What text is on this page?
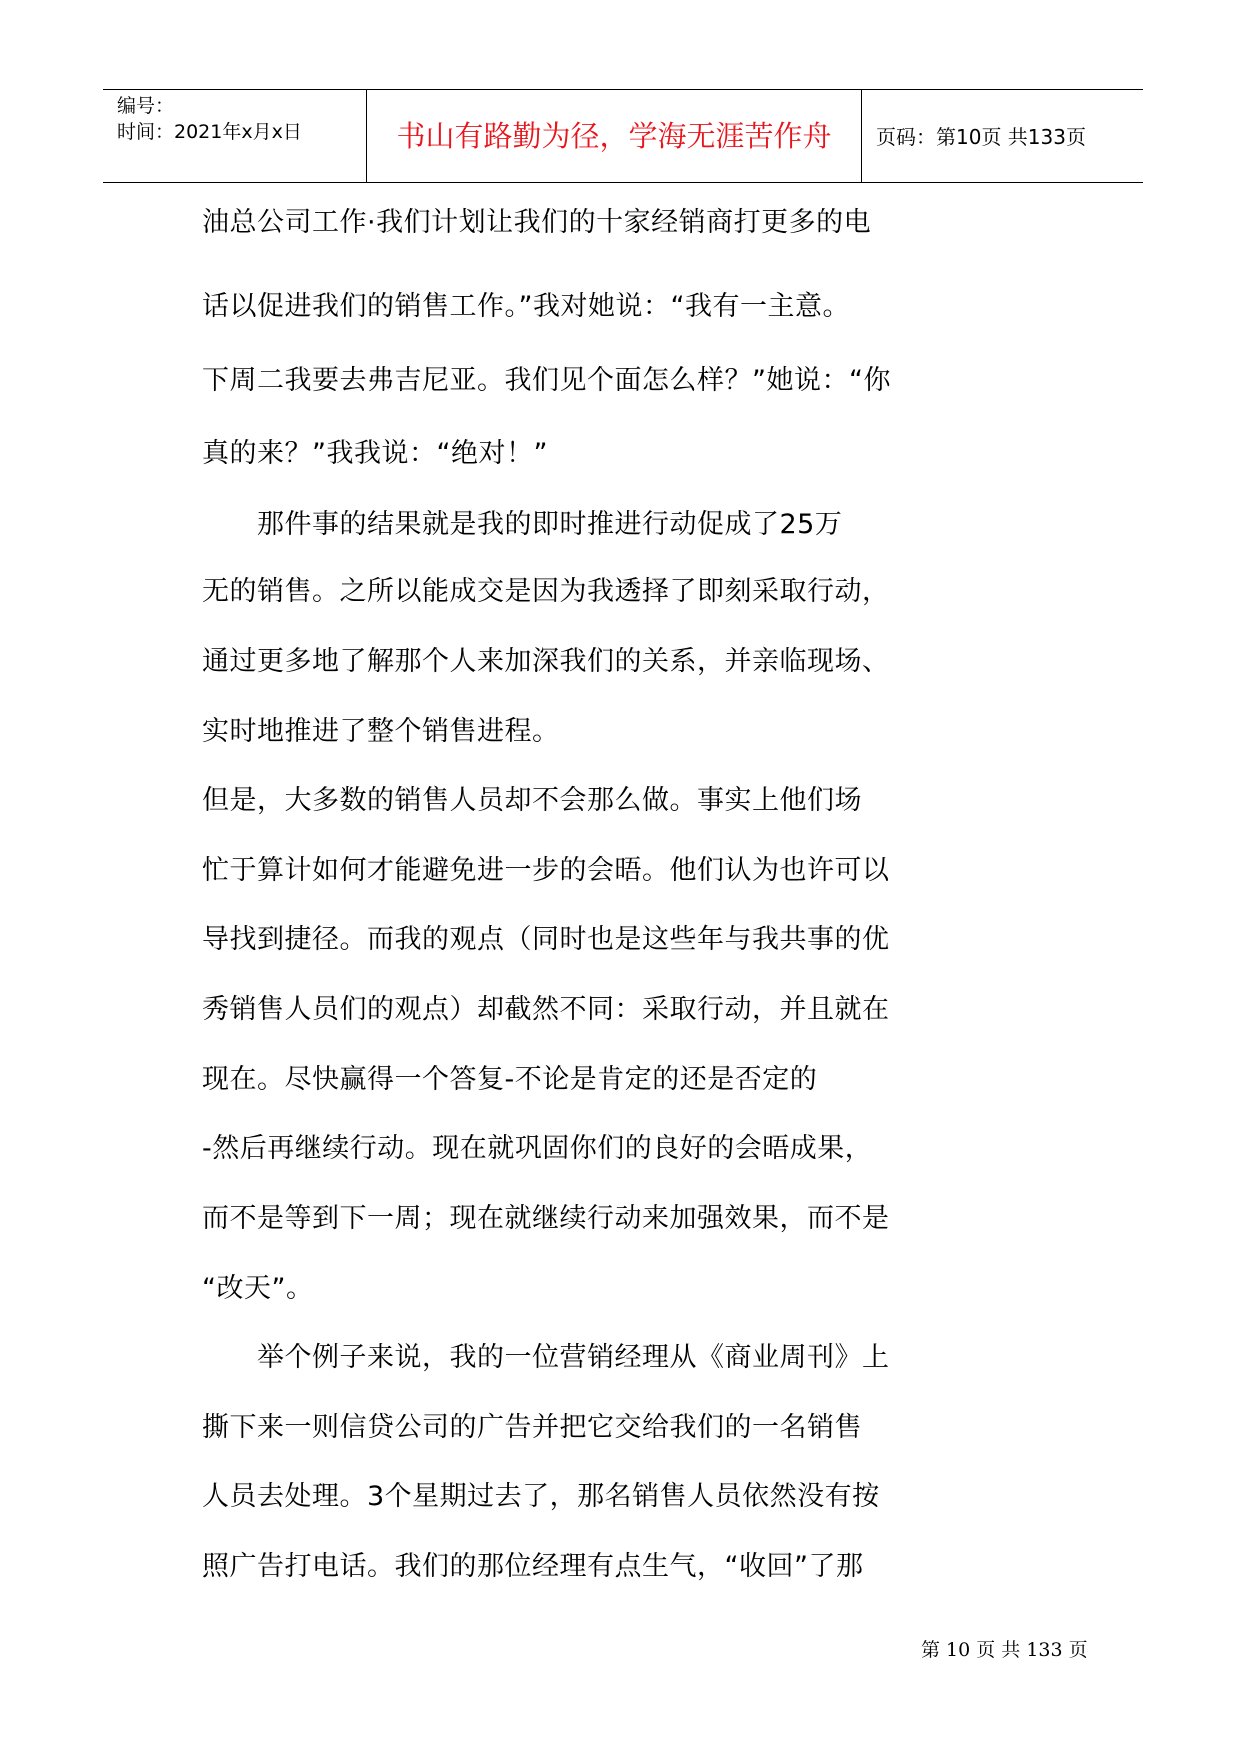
编号：
时间：2021年x月x日	书山有路勤为径，学海无涯苦作舟	页码：第10页 共133页
油总公司工作·我们计划让我们的十家经销商打更多的电
话以促进我们的销售工作。”我对她说：“我有一主意。
下周二我要去弗吉尼亚。我们见个面怎么样？”她说：“你
真的来？”我我说：“绝对！”
　　那件事的结果就是我的即时推进行动促成了25万
无的销售。之所以能成交是因为我透择了即刻采取行动，
通过更多地了解那个人来加深我们的关系，并亲临现场、
实时地推进了整个销售进程。
但是，大多数的销售人员却不会那么做。事实上他们场
忙于算计如何才能避免进一步的会晤。他们认为也许可以
导找到捷径。而我的观点（同时也是这些年与我共事的优
秀销售人员们的观点）却截然不同：采取行动，并且就在
现在。尽快赢得一个答复-不论是肯定的还是否定的
-然后再继续行动。现在就巩固你们的良好的会晤成果，
而不是等到下一周；现在就继续行动来加强效果，而不是
“改天”。
　　举个例子来说，我的一位营销经理从《商业周刊》上
撕下来一则信贷公司的广告并把它交给我们的一名销售
人员去处理。3个星期过去了，那名销售人员依然没有按
照广告打电话。我们的那位经理有点生气，“收回”了那
第 10 页 共 133 页
